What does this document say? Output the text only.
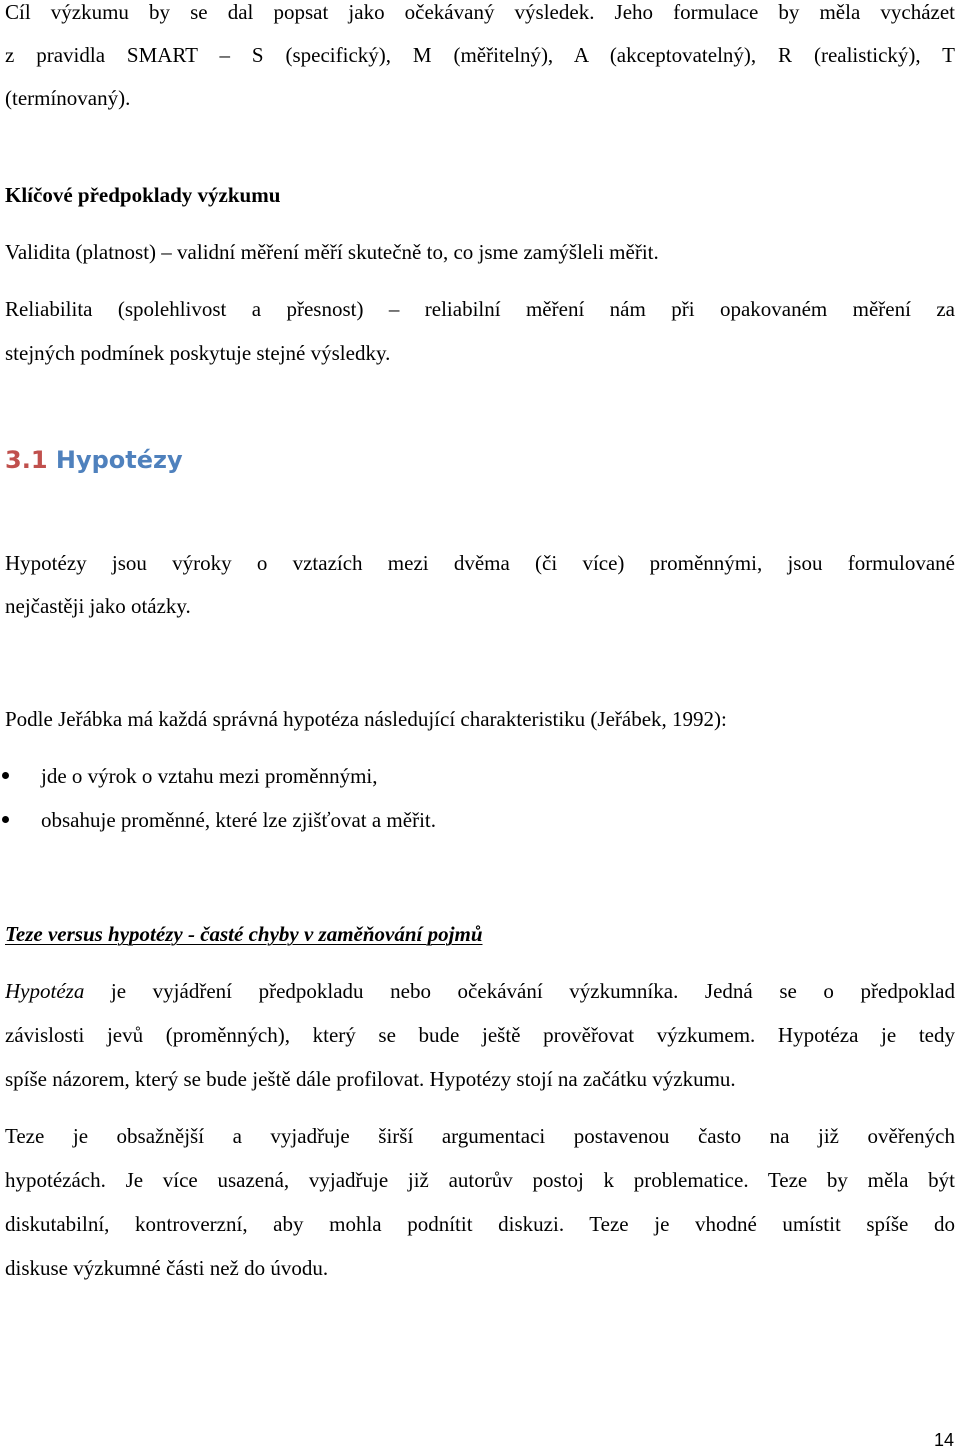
Cíl výzkumu by se dal popsat jako očekávaný výsledek. Jeho formulace by měla vycházet

z pravidla SMART – S (specifický), M (měřitelný), A (akceptovatelný), R (realistický), T

(termínovaný).

Klíčové předpoklady výzkumu

Validita (platnost) – validní měření měří skutečně to, co jsme zamýšleli měřit.

Reliabilita (spolehlivost a přesnost) – reliabilní měření nám při opakovaném měření za

stejných podmínek poskytuje stejné výsledky.

3.1 Hypotézy

Hypotézy jsou výroky o vztazích mezi dvěma (či více) proměnnými, jsou formulované

nejčastěji jako otázky.

Podle Jeřábka má každá správná hypotéza následující charakteristiku (Jeřábek, 1992):

jde o výrok o vztahu mezi proměnnými,
obsahuje proměnné, které lze zjišťovat a měřit.

Teze versus hypotézy - časté chyby v zaměňování pojmů

Hypotéza je vyjádření předpokladu nebo očekávání výzkumníka. Jedná se o předpoklad

závislosti jevů (proměnných), který se bude ještě prověřovat výzkumem. Hypotéza je tedy

spíše názorem, který se bude ještě dále profilovat. Hypotézy stojí na začátku výzkumu.

Teze je obsažnější a vyjadřuje širší argumentaci postavenou často na již ověřených

hypotézách. Je více usazená, vyjadřuje již autorův postoj k problematice. Teze by měla být

diskutabilní, kontroverzní, aby mohla podnítit diskuzi. Teze je vhodné umístit spíše do

diskuse výzkumné části než do úvodu.

14
